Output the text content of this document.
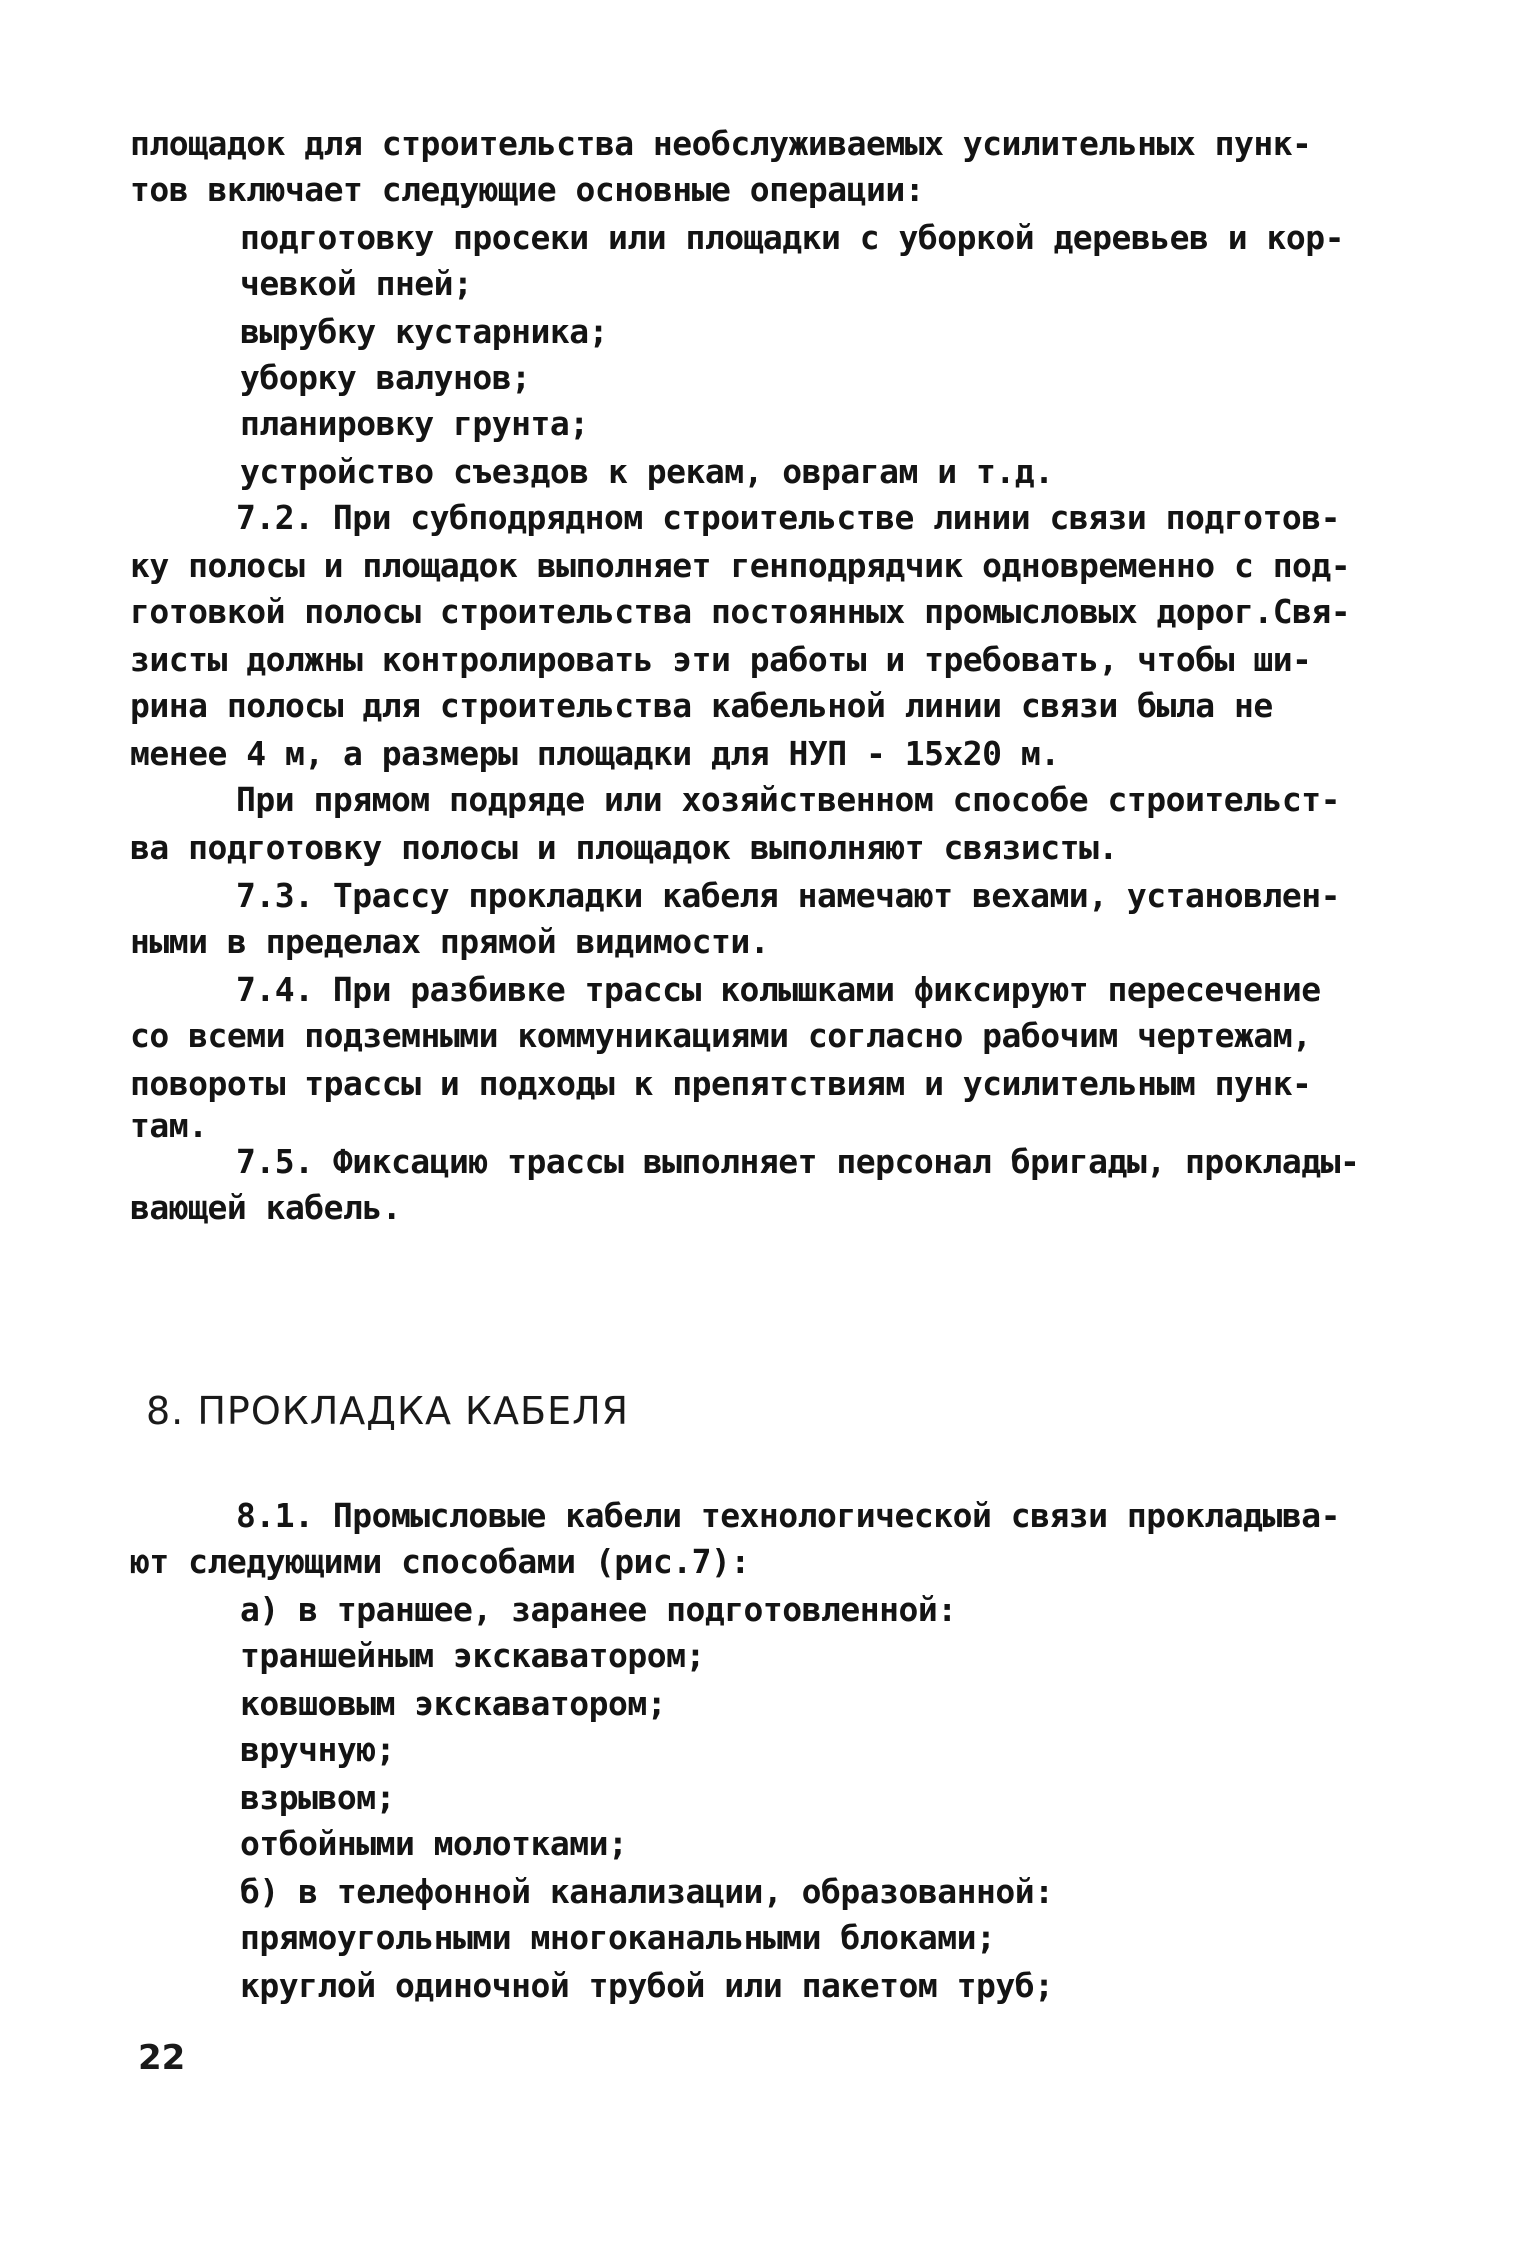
площадок для строительства необслуживаемых усилительных пунк-
тов включает следующие основные операции:
подготовку просеки или площадки с уборкой деревьев и кор-
чевкой пней;
вырубку кустарника;
уборку валунов;
планировку грунта;
устройство съездов к рекам, оврагам и т.д.
7.2. При субподрядном строительстве линии связи подготов-
ку полосы и площадок выполняет генподрядчик одновременно с под-
готовкой полосы строительства постоянных промысловых дорог.Свя-
зисты должны контролировать эти работы и требовать, чтобы ши-
рина полосы для строительства кабельной линии связи была не
менее 4 м, а размеры площадки для НУП - 15х20 м.
При прямом подряде или хозяйственном способе строительст-
ва подготовку полосы и площадок выполняют связисты.
7.3. Трассу прокладки кабеля намечают вехами, установлен-
ными в пределах прямой видимости.
7.4. При разбивке трассы колышками фиксируют пересечение
со всеми подземными коммуникациями согласно рабочим чертежам,
повороты трассы и подходы к препятствиям и усилительным пунк-
там.
7.5. Фиксацию трассы выполняет персонал бригады, проклады-
вающей кабель.
8. ПРОКЛАДКА КАБЕЛЯ
8.1. Промысловые кабели технологической связи прокладыва-
ют следующими способами (рис.7):
а) в траншее, заранее подготовленной:
траншейным экскаватором;
ковшовым экскаватором;
вручную;
взрывом;
отбойными молотками;
б) в телефонной канализации, образованной:
прямоугольными многоканальными блоками;
круглой одиночной трубой или пакетом труб;
22
